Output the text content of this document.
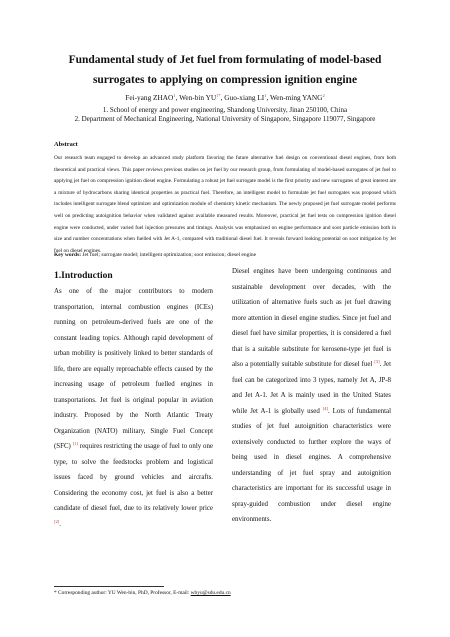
Fundamental study of Jet fuel from formulating of model-based
surrogates to applying on compression ignition engine
Fei-yang ZHAO$^1$, Wen-bin $YU^{1*}$, Guo-xiang $LI^1$, Wen-ming YANG$^2$
1. School of energy and power engineering, Shandong University, Jinan 250100, China
2. Department of Mechanical Engineering, National University of Singapore, Singapore 119077, Singapore
Abstract
Our research team engaged to develop an advanced study platform favoring the future alternative fuel design on conventional diesel engines, from both theoretical and practical views. This paper reviews previous studies on jet fuel by our research group, from formulating of model-based surrogates of jet fuel to applying jet fuel on compression ignition diesel engine. Formulating a robust jet fuel surrogate model is the first priority and new surrogates of great interest are a mixture of hydrocarbons sharing identical properties as practical fuel. Therefore, an intelligent model to formulate jet fuel surrogates was proposed which includes intelligent surrogate blend optimizer and optimization module of chemistry kinetic mechanism. The newly proposed jet fuel surrogate model performs well on predicting autoignition behavior when validated against available measured results. Moreover, practical jet fuel tests on compression ignition diesel engine were conducted, under varied fuel injection pressures and timings. Analysis was emphasized on engine performance and soot particle emission both in size and number concentrations when fuelled with Jet A-1, compared with traditional diesel fuel. It reveals forward looking potential on soot mitigation by Jet fuel on diesel engines.
Key words: Jet fuel; surrogate model; intelligent optimization; soot emission; diesel engine
1.Introduction
As one of the major contributors to modern transportation, internal combustion engines (ICEs) running on petroleum-derived fuels are one of the constant leading topics. Although rapid development of urban mobility is positively linked to better standards of life, there are equally reproachable effects caused by the increasing usage of petroleum fuelled engines in transportations. Jet fuel is original popular in aviation industry. Proposed by the North Atlantic Treaty Organization (NATO) military, Single Fuel Concept (SFC) [1] requires restricting the usage of fuel to only one type, to solve the feedstocks problem and logistical issues faced by ground vehicles and aircrafts. Considering the economy cost, jet fuel is also a better candidate of diesel fuel, due to its relatively lower price [2].
Diesel engines have been undergoing continuous and sustainable development over decades, with the utilization of alternative fuels such as jet fuel drawing more attention in diesel engine studies. Since jet fuel and diesel fuel have similar properties, it is considered a fuel that is a suitable substitute for kerosene-type jet fuel is also a potentially suitable substitute for diesel fuel [3]. Jet fuel can be categorized into 3 types, namely Jet A, JP-8 and Jet A-1. Jet A is mainly used in the United States while Jet A-1 is globally used [4]. Lots of fundamental studies of jet fuel autoignition characteristics were extensively conducted to further explore the ways of being used in diesel engines. A comprehensive understanding of jet fuel spray and autoignition characteristics are important for its successful usage in spray-guided combustion under diesel engine environments.
* Corresponding author: YU Wen-bin, PhD, Professor, E-mail: wbyu@sdu.edu.cn
